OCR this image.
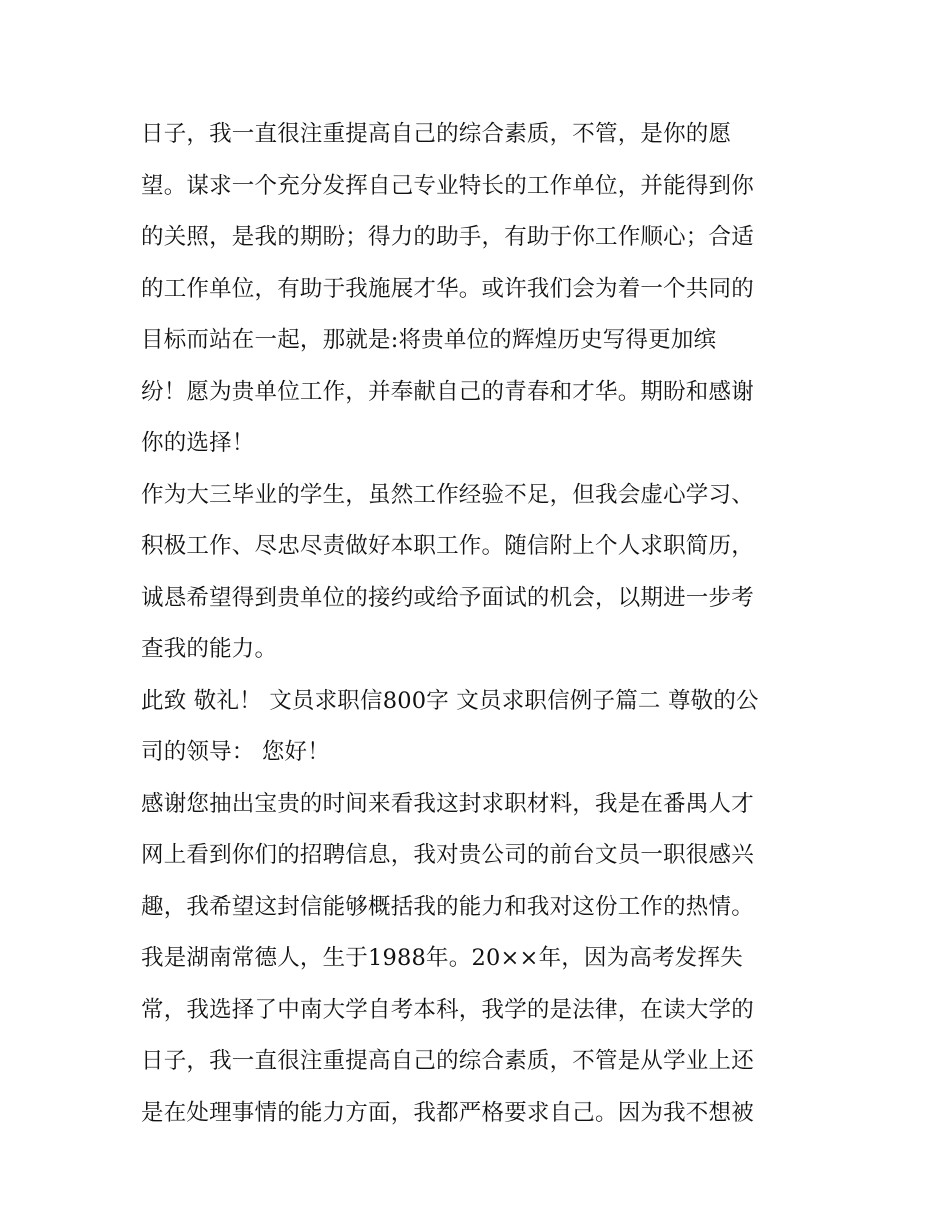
日子，我一直很注重提高自己的综合素质，不管，是你的愿
望。谋求一个充分发挥自己专业特长的工作单位，并能得到你
的关照，是我的期盼；得力的助手，有助于你工作顺心；合适
的工作单位，有助于我施展才华。或许我们会为着一个共同的
目标而站在一起，那就是:将贵单位的辉煌历史写得更加缤
纷！愿为贵单位工作，并奉献自己的青春和才华。期盼和感谢
你的选择！
作为大三毕业的学生，虽然工作经验不足，但我会虚心学习、
积极工作、尽忠尽责做好本职工作。随信附上个人求职简历，
诚恳希望得到贵单位的接约或给予面试的机会，以期进一步考
查我的能力。
此致 敬礼！ 文员求职信800字 文员求职信例子篇二 尊敬的公
司的领导： 您好！
感谢您抽出宝贵的时间来看我这封求职材料，我是在番禺人才
网上看到你们的招聘信息，我对贵公司的前台文员一职很感兴
趣，我希望这封信能够概括我的能力和我对这份工作的热情。
我是湖南常德人，生于1988年。20××年，因为高考发挥失
常，我选择了中南大学自考本科，我学的是法律，在读大学的
日子，我一直很注重提高自己的综合素质，不管是从学业上还
是在处理事情的能力方面，我都严格要求自己。因为我不想被
